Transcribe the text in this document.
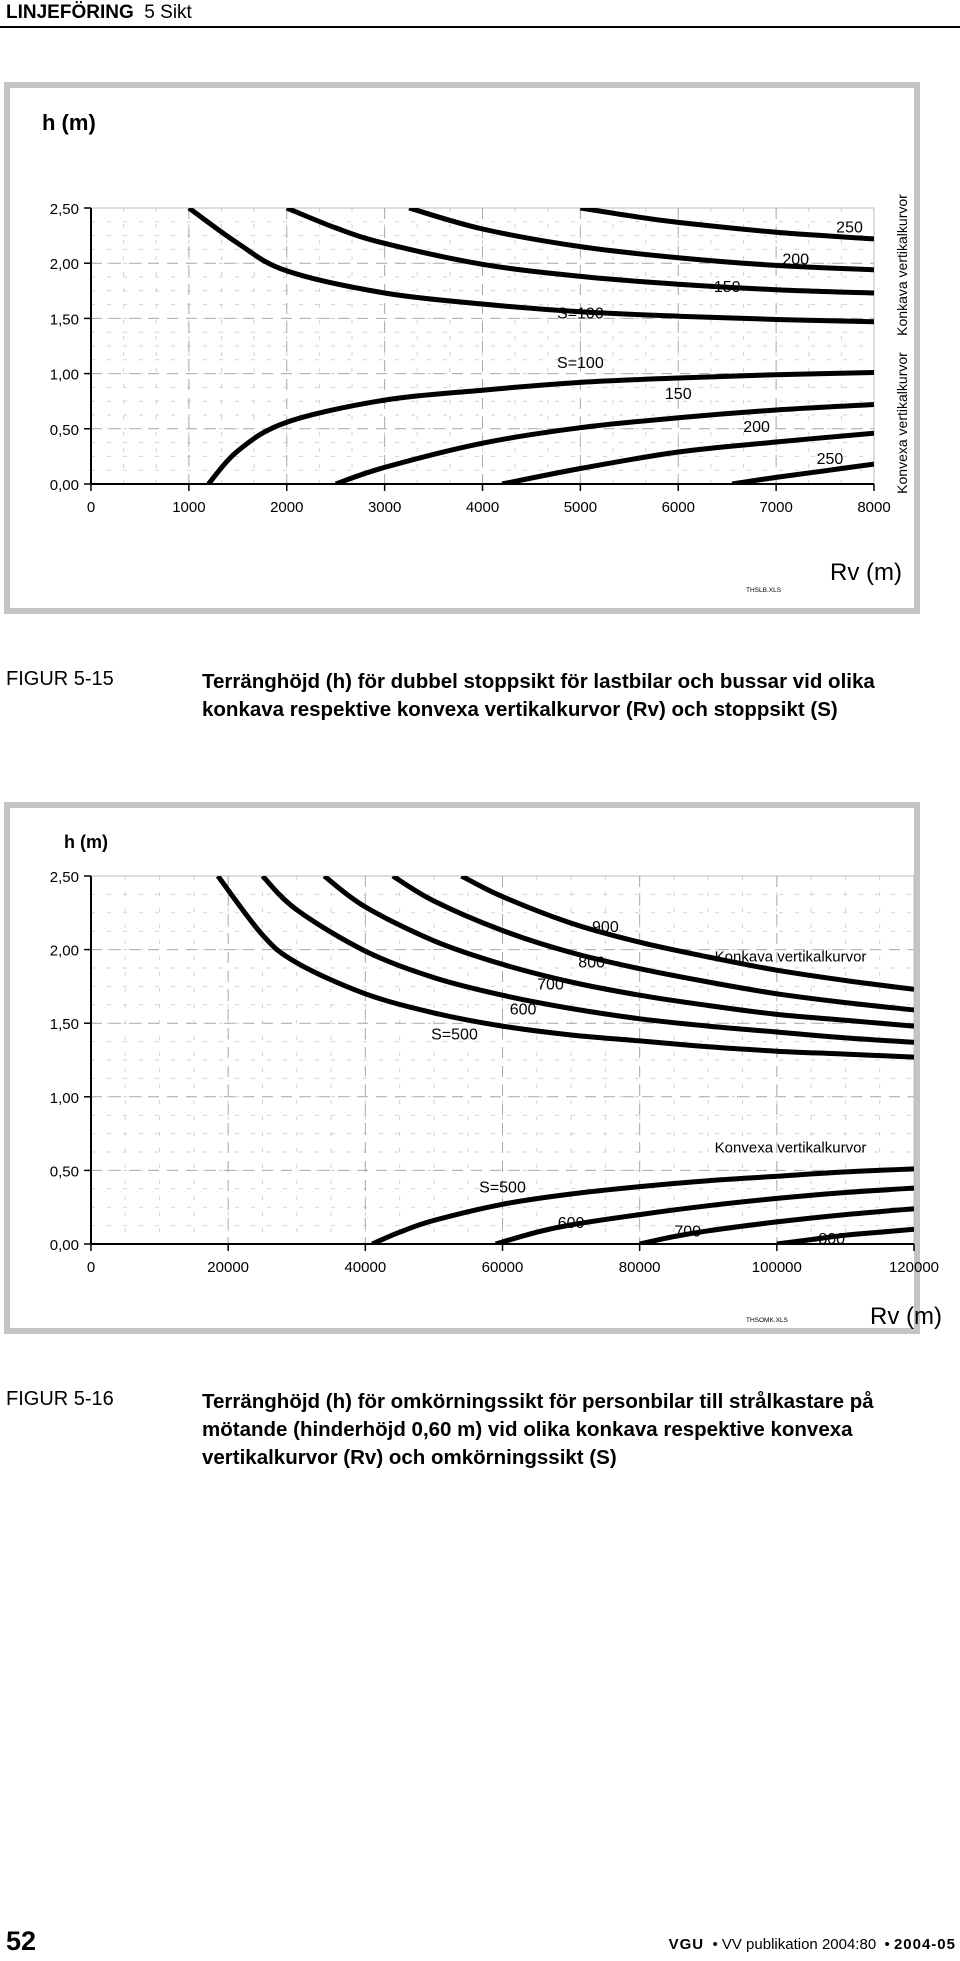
LINJEFÖRING 5 Sikt
0,00
0,50
1,00
1,50
2,00
2,50
0	1000	2000	3000	4000	5000	6000	7000	8000
h (m)
Rv (m)
THSLB.XLS
S=100
150
200
250
S=100
150
200
250
Konkava vertikalkurvor
Konvexa vertikalkurvor
FIGUR 5-15	Terränghöjd (h) för dubbel stoppsikt för lastbilar och bussar vid olika konkava respektive konvexa vertikalkurvor (Rv) och stoppsikt (S)
0,00
0,50
1,00
1,50
2,00
2,50
0	20000	40000	60000	80000	100000	120000
h (m)
Rv (m)
THSOMK.XLS
S=500
600
700
800
900
S=500
600
700	800
Konkava vertikalkurvor
Konvexa vertikalkurvor
FIGUR 5-16	Terränghöjd (h) för omkörningssikt för personbilar till strålkastare på mötande (hinderhöjd 0,60 m) vid olika konkava respektive konvexa vertikalkurvor (Rv) och omkörningssikt (S)
52	VGU  • VV publikation 2004:80  • 2004-05
